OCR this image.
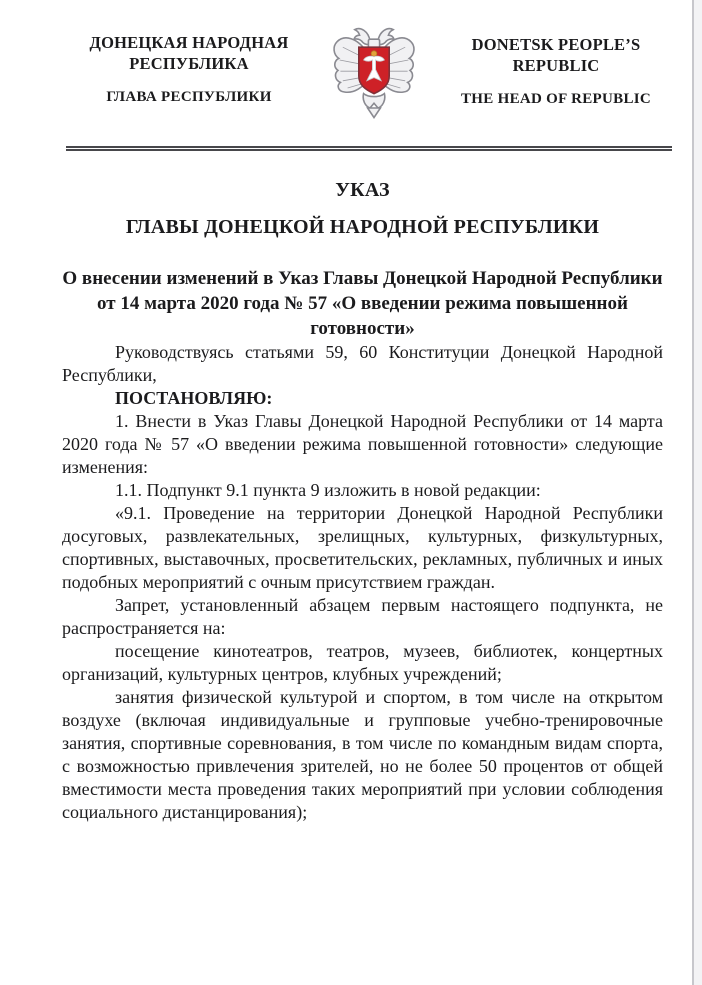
ДОНЕЦКАЯ НАРОДНАЯ РЕСПУБЛИКА
ГЛАВА РЕСПУБЛИКИ
DONETSK PEOPLE’S REPUBLIC
THE HEAD OF REPUBLIC
УКАЗ
ГЛАВЫ ДОНЕЦКОЙ НАРОДНОЙ РЕСПУБЛИКИ
О внесении изменений в Указ Главы Донецкой Народной Республики от 14 марта 2020 года № 57 «О введении режима повышенной готовности»

Руководствуясь статьями 59, 60 Конституции Донецкой Народной Республики,

ПОСТАНОВЛЯЮ:

1. Внести в Указ Главы Донецкой Народной Республики от 14 марта 2020 года № 57 «О введении режима повышенной готовности» следующие изменения:

1.1. Подпункт 9.1 пункта 9 изложить в новой редакции:

«9.1. Проведение на территории Донецкой Народной Республики досуговых, развлекательных, зрелищных, культурных, физкультурных, спортивных, выставочных, просветительских, рекламных, публичных и иных подобных мероприятий с очным присутствием граждан.

Запрет, установленный абзацем первым настоящего подпункта, не распространяется на:

посещение кинотеатров, театров, музеев, библиотек, концертных организаций, культурных центров, клубных учреждений;

занятия физической культурой и спортом, в том числе на открытом воздухе (включая индивидуальные и групповые учебно-тренировочные занятия, спортивные соревнования, в том числе по командным видам спорта, с возможностью привлечения зрителей, но не более 50 процентов от общей вместимости места проведения таких мероприятий при условии соблюдения социального дистанцирования);
